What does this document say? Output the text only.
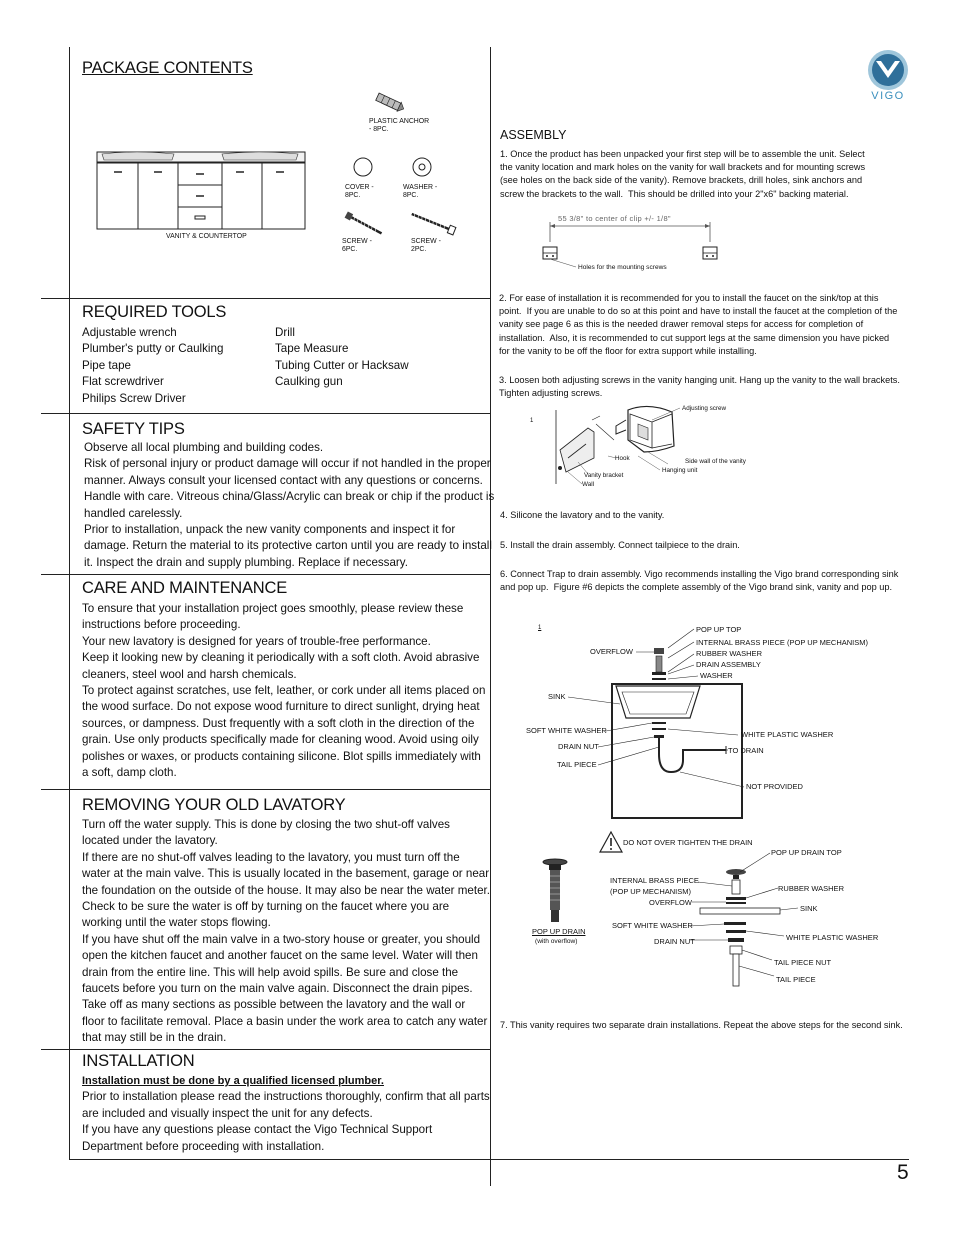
VIGO
PACKAGE CONTENTS
VANITY & COUNTERTOP
PLASTIC ANCHOR
- 8PC.
COVER -
8PC.
WASHER -
8PC.
SCREW -
6PC.
SCREW -
2PC.
REQUIRED TOOLS

Adjustable wrench

Plumber's putty or Caulking

Pipe tape

Flat screwdriver

Philips Screw Driver

Drill

Tape Measure

Tubing Cutter or Hacksaw

Caulking gun

SAFETY TIPS

Observe all local plumbing and building codes.

Risk of personal injury or product damage will occur if not handled in the proper

manner. Always consult your licensed contact with any questions or concerns.

Handle with care. Vitreous china/Glass/Acrylic can break or chip if the product is

handled carelessly.

Prior to installation, unpack the new vanity components and inspect it for

damage. Return the material to its protective carton until you are ready to install

it. Inspect the drain and supply plumbing. Replace if necessary.

CARE AND MAINTENANCE

To ensure that your installation project goes smoothly, please review these

instructions before proceeding.

Your new lavatory is designed for years of trouble-free performance.

Keep it looking new by cleaning it periodically with a soft cloth. Avoid abrasive

cleaners, steel wool and harsh chemicals.

To protect against scratches, use felt, leather, or cork under all items placed on

the wood surface. Do not expose wood furniture to direct sunlight, drying heat

sources, or dampness. Dust frequently with a soft cloth in the direction of the

grain. Use only products specifically made for cleaning wood. Avoid using oily

polishes or waxes, or products containing silicone. Blot spills immediately with

a soft, damp cloth.

REMOVING YOUR OLD LAVATORY

Turn off the water supply. This is done by closing the two shut-off valves

located under the lavatory.

If there are no shut-off valves leading to the lavatory, you must turn off the

water at the main valve. This is usually located in the basement, garage or near

the foundation on the outside of the house. It may also be near the water meter.

Check to be sure the water is off by turning on the faucet where you are

working until the water stops flowing.

If you have shut off the main valve in a two-story house or greater, you should

open the kitchen faucet and another faucet on the same level. Water will then

drain from the entire line. This will help avoid spills. Be sure and close the

faucets before you turn on the main valve again. Disconnect the drain pipes.

Take off as many sections as possible between the lavatory and the wall or

floor to facilitate removal. Place a basin under the work area to catch any water

that may still be in the drain.

INSTALLATION

Installation must be done by a qualified licensed plumber.

Prior to installation please read the instructions thoroughly, confirm that all parts

are included and visually inspect the unit for any defects.

If you have any questions please contact the Vigo Technical Support

Department before proceeding with installation.

ASSEMBLY
1. Once the product has been unpacked your first step will be to assemble the unit. Select
the vanity location and mark holes on the vanity for wall brackets and for mounting screws
(see holes on the back side of the vanity). Remove brackets, drill holes, sink anchors and
screw the brackets to the wall.  This should be drilled into your 2"x6" backing material.
55 3/8" to center of clip +/- 1/8"
Holes for the mounting screws
2. For ease of installation it is recommended for you to install the faucet on the sink/top at this
point.  If you are unable to do so at this point and have to install the faucet at the completion of the
vanity see page 6 as this is the needed drawer removal steps for access for completion of
installation.  Also, it is recommended to cut support legs at the same dimension you have picked
for the vanity to be off the floor for extra support while installing.
3. Loosen both adjusting screws in the vanity hanging unit. Hang up the vanity to the wall brackets.
Tighten adjusting screws.
1
Adjusting screw
Hook	Side wall of the vanity
Hanging unit
Vanity bracket
Wall
4. Silicone the lavatory and to the vanity.
5. Install the drain assembly. Connect tailpiece to the drain.
6. Connect Trap to drain assembly. Vigo recommends installing the Vigo brand corresponding sink
and pop up.  Figure #6 depicts the complete assembly of the Vigo brand sink, vanity and pop up.
1	POP UP TOP
INTERNAL BRASS PIECE (POP UP MECHANISM)
OVERFLOW	RUBBER WASHER
DRAIN ASSEMBLY
WASHER
SINK
SOFT WHITE WASHER	WHITE PLASTIC WASHER
DRAIN NUT	TO DRAIN
TAIL PIECE
NOT PROVIDED
DO NOT OVER TIGHTEN THE DRAIN
POP UP DRAIN
(with overflow)
POP UP DRAIN TOP
INTERNAL BRASS PIECE
(POP UP MECHANISM)	RUBBER WASHER
OVERFLOW
SINK
SOFT WHITE WASHER
WHITE PLASTIC WASHER
DRAIN NUT
TAIL PIECE NUT
TAIL PIECE
7. This vanity requires two separate drain installations. Repeat the above steps for the second sink.
5
